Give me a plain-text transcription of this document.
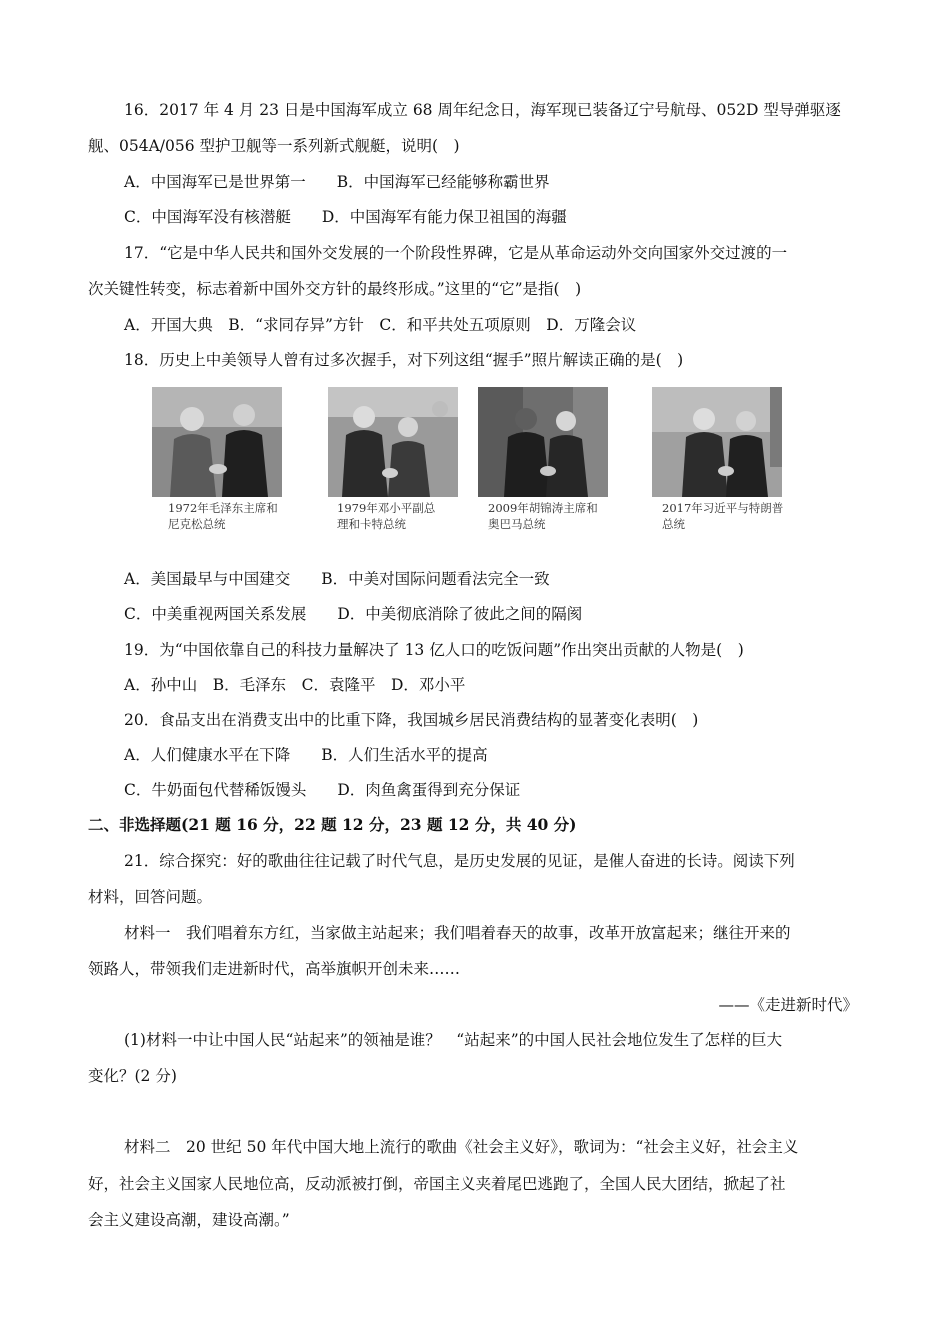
16．2017 年 4 月 23 日是中国海军成立 68 周年纪念日，海军现已装备辽宁号航母、052D 型导弹驱逐
舰、054A/056 型护卫舰等一系列新式舰艇，说明(　)
A．中国海军已是世界第一　　B．中国海军已经能够称霸世界
C．中国海军没有核潜艇　　D．中国海军有能力保卫祖国的海疆
17．“它是中华人民共和国外交发展的一个阶段性界碑，它是从革命运动外交向国家外交过渡的一
次关键性转变，标志着新中国外交方针的最终形成。”这里的“它”是指(　)
A．开国大典　B．“求同存异”方针　C．和平共处五项原则　D．万隆会议
18．历史上中美领导人曾有过多次握手，对下列这组“握手”照片解读正确的是(　)
1972年毛泽东主席和
尼克松总统
1979年邓小平副总
理和卡特总统
2009年胡锦涛主席和
奥巴马总统
2017年习近平与特朗普
总统
A．美国最早与中国建交　　B．中美对国际问题看法完全一致
C．中美重视两国关系发展　　D．中美彻底消除了彼此之间的隔阂
19．为“中国依靠自己的科技力量解决了 13 亿人口的吃饭问题”作出突出贡献的人物是(　)
A．孙中山　B．毛泽东　C．袁隆平　D．邓小平
20．食品支出在消费支出中的比重下降，我国城乡居民消费结构的显著变化表明(　)
A．人们健康水平在下降　　B．人们生活水平的提高
C．牛奶面包代替稀饭馒头　　D．肉鱼禽蛋得到充分保证
二、非选择题(21 题 16 分，22 题 12 分，23 题 12 分，共 40 分)
21．综合探究：好的歌曲往往记载了时代气息，是历史发展的见证，是催人奋进的长诗。阅读下列
材料，回答问题。
材料一　我们唱着东方红，当家做主站起来；我们唱着春天的故事，改革开放富起来；继往开来的
领路人，带领我们走进新时代，高举旗帜开创未来……
——《走进新时代》
(1)材料一中让中国人民“站起来”的领袖是谁？　“站起来”的中国人民社会地位发生了怎样的巨大
变化？(2 分)
材料二　20 世纪 50 年代中国大地上流行的歌曲《社会主义好》，歌词为：“社会主义好，社会主义
好，社会主义国家人民地位高，反动派被打倒，帝国主义夹着尾巴逃跑了，全国人民大团结，掀起了社
会主义建设高潮，建设高潮。”
